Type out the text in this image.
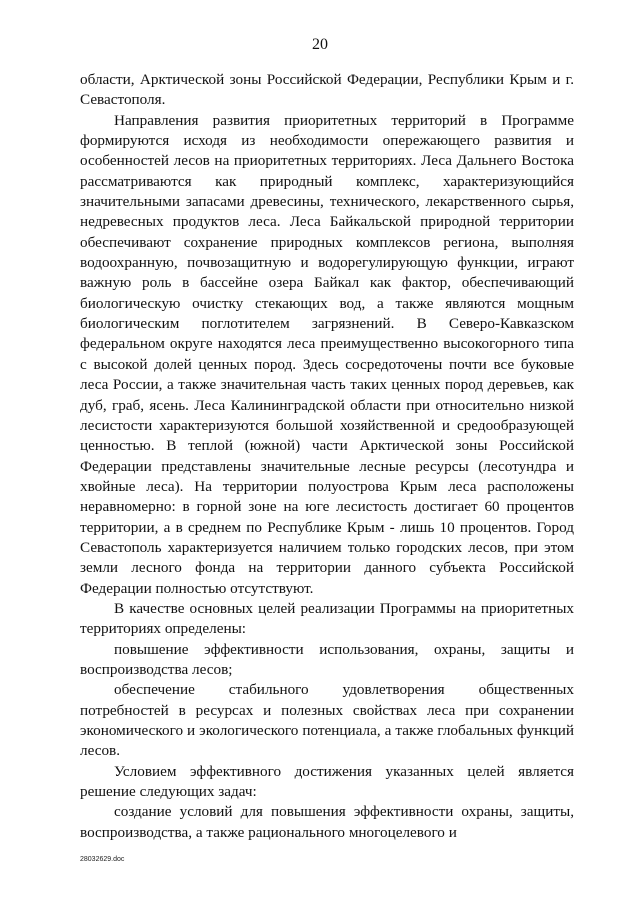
20

области, Арктической зоны Российской Федерации, Республики Крым и г. Севастополя.

Направления развития приоритетных территорий в Программе формируются исходя из необходимости опережающего развития и особенностей лесов на приоритетных территориях. Леса Дальнего Востока рассматриваются как природный комплекс, характеризующийся значительными запасами древесины, технического, лекарственного сырья, недревесных продуктов леса. Леса Байкальской природной территории обеспечивают сохранение природных комплексов региона, выполняя водоохранную, почвозащитную и водорегулирующую функции, играют важную роль в бассейне озера Байкал как фактор, обеспечивающий биологическую очистку стекающих вод, а также являются мощным биологическим поглотителем загрязнений. В Северо-Кавказском федеральном округе находятся леса преимущественно высокогорного типа с высокой долей ценных пород. Здесь сосредоточены почти все буковые леса России, а также значительная часть таких ценных пород деревьев, как дуб, граб, ясень. Леса Калининградской области при относительно низкой лесистости характеризуются большой хозяйственной и средообразующей ценностью. В теплой (южной) части Арктической зоны Российской Федерации представлены значительные лесные ресурсы (лесотундра и хвойные леса). На территории полуострова Крым леса расположены неравномерно: в горной зоне на юге лесистость достигает 60 процентов территории, а в среднем по Республике Крым - лишь 10 процентов. Город Севастополь характеризуется наличием только городских лесов, при этом земли лесного фонда на территории данного субъекта Российской Федерации полностью отсутствуют.

В качестве основных целей реализации Программы на приоритетных территориях определены:

повышение эффективности использования, охраны, защиты и воспроизводства лесов;

обеспечение стабильного удовлетворения общественных потребностей в ресурсах и полезных свойствах леса при сохранении экономического и экологического потенциала, а также глобальных функций лесов.

Условием эффективного достижения указанных целей является решение следующих задач:

создание условий для повышения эффективности охраны, защиты, воспроизводства, а также рационального многоцелевого и

28032629.doc
